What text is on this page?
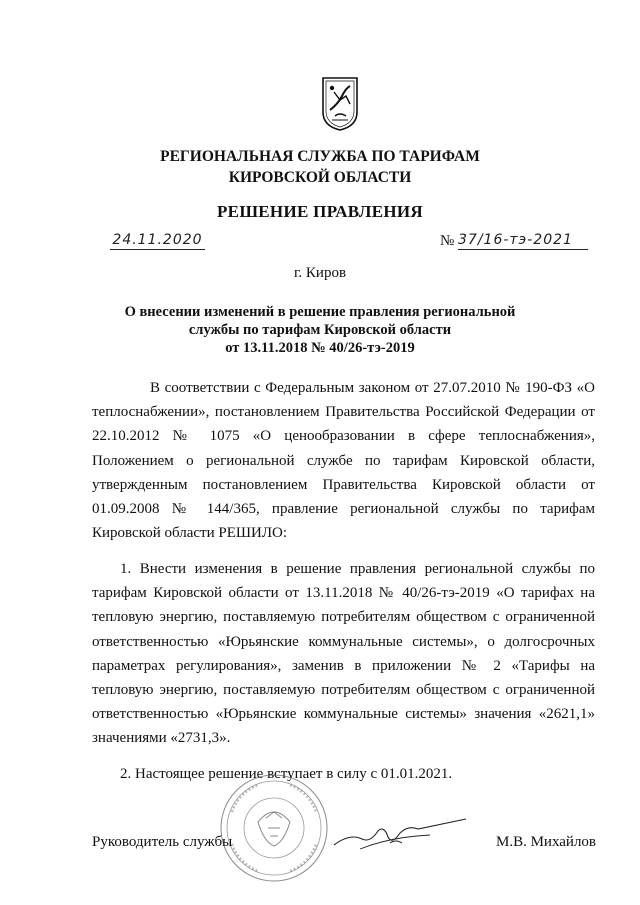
РЕГИОНАЛЬНАЯ СЛУЖБА ПО ТАРИФАМ
КИРОВСКОЙ ОБЛАСТИ
РЕШЕНИЕ ПРАВЛЕНИЯ
24.11.2020	№ 37/16-тэ-2021
г. Киров
О внесении изменений в решение правления региональной
службы по тарифам Кировской области
от 13.11.2018 № 40/26-тэ-2019
В соответствии с Федеральным законом от 27.07.2010 № 190-ФЗ «О теплоснабжении», постановлением Правительства Российской Федерации от 22.10.2012 № 1075 «О ценообразовании в сфере теплоснабжения», Положением о региональной службе по тарифам Кировской области, утвержденным постановлением Правительства Кировской области от 01.09.2008 № 144/365, правление региональной службы по тарифам Кировской области РЕШИЛО:
1. Внести изменения в решение правления региональной службы по тарифам Кировской области от 13.11.2018 № 40/26-тэ-2019 «О тарифах на тепловую энергию, поставляемую потребителям обществом с ограниченной ответственностью «Юрьянские коммунальные системы», о долгосрочных параметрах регулирования», заменив в приложении № 2 «Тарифы на тепловую энергию, поставляемую потребителям обществом с ограниченной ответственностью «Юрьянские коммунальные системы» значения «2621,1» значениями «2731,3».
2. Настоящее решение вступает в силу с 01.01.2021.
Руководитель службы	М.В. Михайлов
